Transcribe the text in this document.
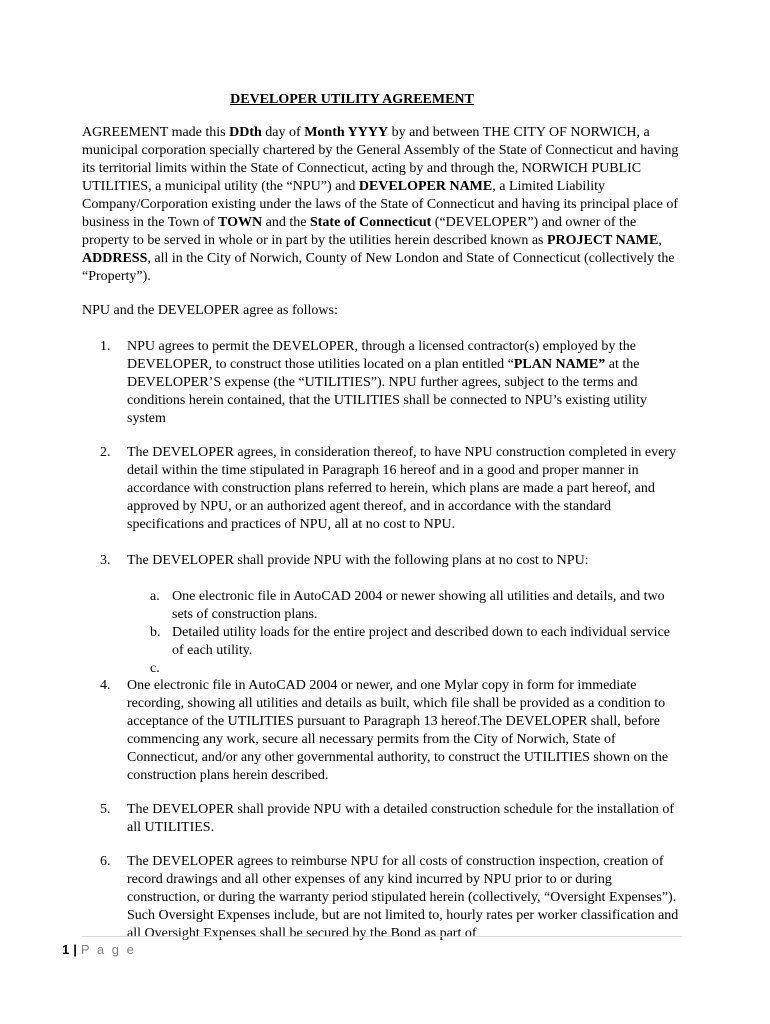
DEVELOPER UTILITY AGREEMENT
AGREEMENT made this DDth day of Month YYYY by and between THE CITY OF NORWICH, a municipal corporation specially chartered by the General Assembly of the State of Connecticut and having its territorial limits within the State of Connecticut, acting by and through the, NORWICH PUBLIC UTILITIES, a municipal utility (the “NPU”) and DEVELOPER NAME, a Limited Liability Company/Corporation existing under the laws of the State of Connecticut and having its principal place of business in the Town of TOWN and the State of Connecticut (“DEVELOPER”) and owner of the property to be served in whole or in part by the utilities herein described known as PROJECT NAME, ADDRESS, all in the City of Norwich, County of New London and State of Connecticut (collectively the “Property”).
NPU and the DEVELOPER agree as follows:
1. NPU agrees to permit the DEVELOPER, through a licensed contractor(s) employed by the DEVELOPER, to construct those utilities located on a plan entitled “PLAN NAME” at the DEVELOPER’S expense (the “UTILITIES”). NPU further agrees, subject to the terms and conditions herein contained, that the UTILITIES shall be connected to NPU’s existing utility system
2. The DEVELOPER agrees, in consideration thereof, to have NPU construction completed in every detail within the time stipulated in Paragraph 16 hereof and in a good and proper manner in accordance with construction plans referred to herein, which plans are made a part hereof, and approved by NPU, or an authorized agent thereof, and in accordance with the standard specifications and practices of NPU, all at no cost to NPU.
3. The DEVELOPER shall provide NPU with the following plans at no cost to NPU:
a. One electronic file in AutoCAD 2004 or newer showing all utilities and details, and two sets of construction plans.
b. Detailed utility loads for the entire project and described down to each individual service of each utility.
c.
4. One electronic file in AutoCAD 2004 or newer, and one Mylar copy in form for immediate recording, showing all utilities and details as built, which file shall be provided as a condition to acceptance of the UTILITIES pursuant to Paragraph 13 hereof.The DEVELOPER shall, before commencing any work, secure all necessary permits from the City of Norwich, State of Connecticut, and/or any other governmental authority, to construct the UTILITIES shown on the construction plans herein described.
5. The DEVELOPER shall provide NPU with a detailed construction schedule for the installation of all UTILITIES.
6. The DEVELOPER agrees to reimburse NPU for all costs of construction inspection, creation of record drawings and all other expenses of any kind incurred by NPU prior to or during construction, or during the warranty period stipulated herein (collectively, “Oversight Expenses”). Such Oversight Expenses include, but are not limited to, hourly rates per worker classification and all Oversight Expenses shall be secured by the Bond as part of
1 | P a g e
